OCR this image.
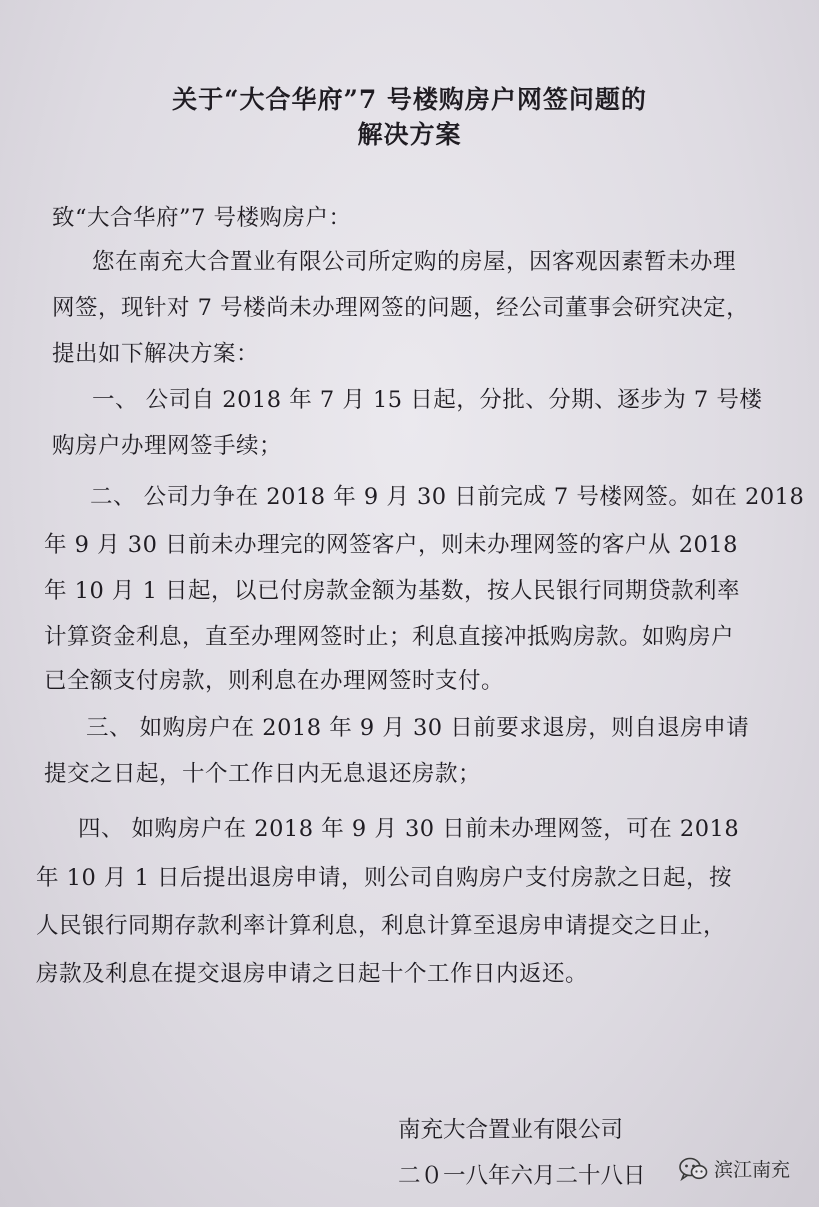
关于“大合华府”7 号楼购房户网签问题的
解决方案
致“大合华府”7 号楼购房户：
您在南充大合置业有限公司所定购的房屋，因客观因素暂未办理
网签，现针对 7 号楼尚未办理网签的问题，经公司董事会研究决定，
提出如下解决方案：
一、 公司自 2018 年 7 月 15 日起，分批、分期、逐步为 7 号楼
购房户办理网签手续；
二、 公司力争在 2018 年 9 月 30 日前完成 7 号楼网签。如在 2018
年 9 月 30 日前未办理完的网签客户，则未办理网签的客户从 2018
年 10 月 1 日起，以已付房款金额为基数，按人民银行同期贷款利率
计算资金利息，直至办理网签时止；利息直接冲抵购房款。如购房户
已全额支付房款，则利息在办理网签时支付。
三、 如购房户在 2018 年 9 月 30 日前要求退房，则自退房申请
提交之日起，十个工作日内无息退还房款；
四、 如购房户在 2018 年 9 月 30 日前未办理网签，可在 2018
年 10 月 1 日后提出退房申请，则公司自购房户支付房款之日起，按
人民银行同期存款利率计算利息，利息计算至退房申请提交之日止，
房款及利息在提交退房申请之日起十个工作日内返还。
南充大合置业有限公司
二０一八年六月二十八日	滨江南充
